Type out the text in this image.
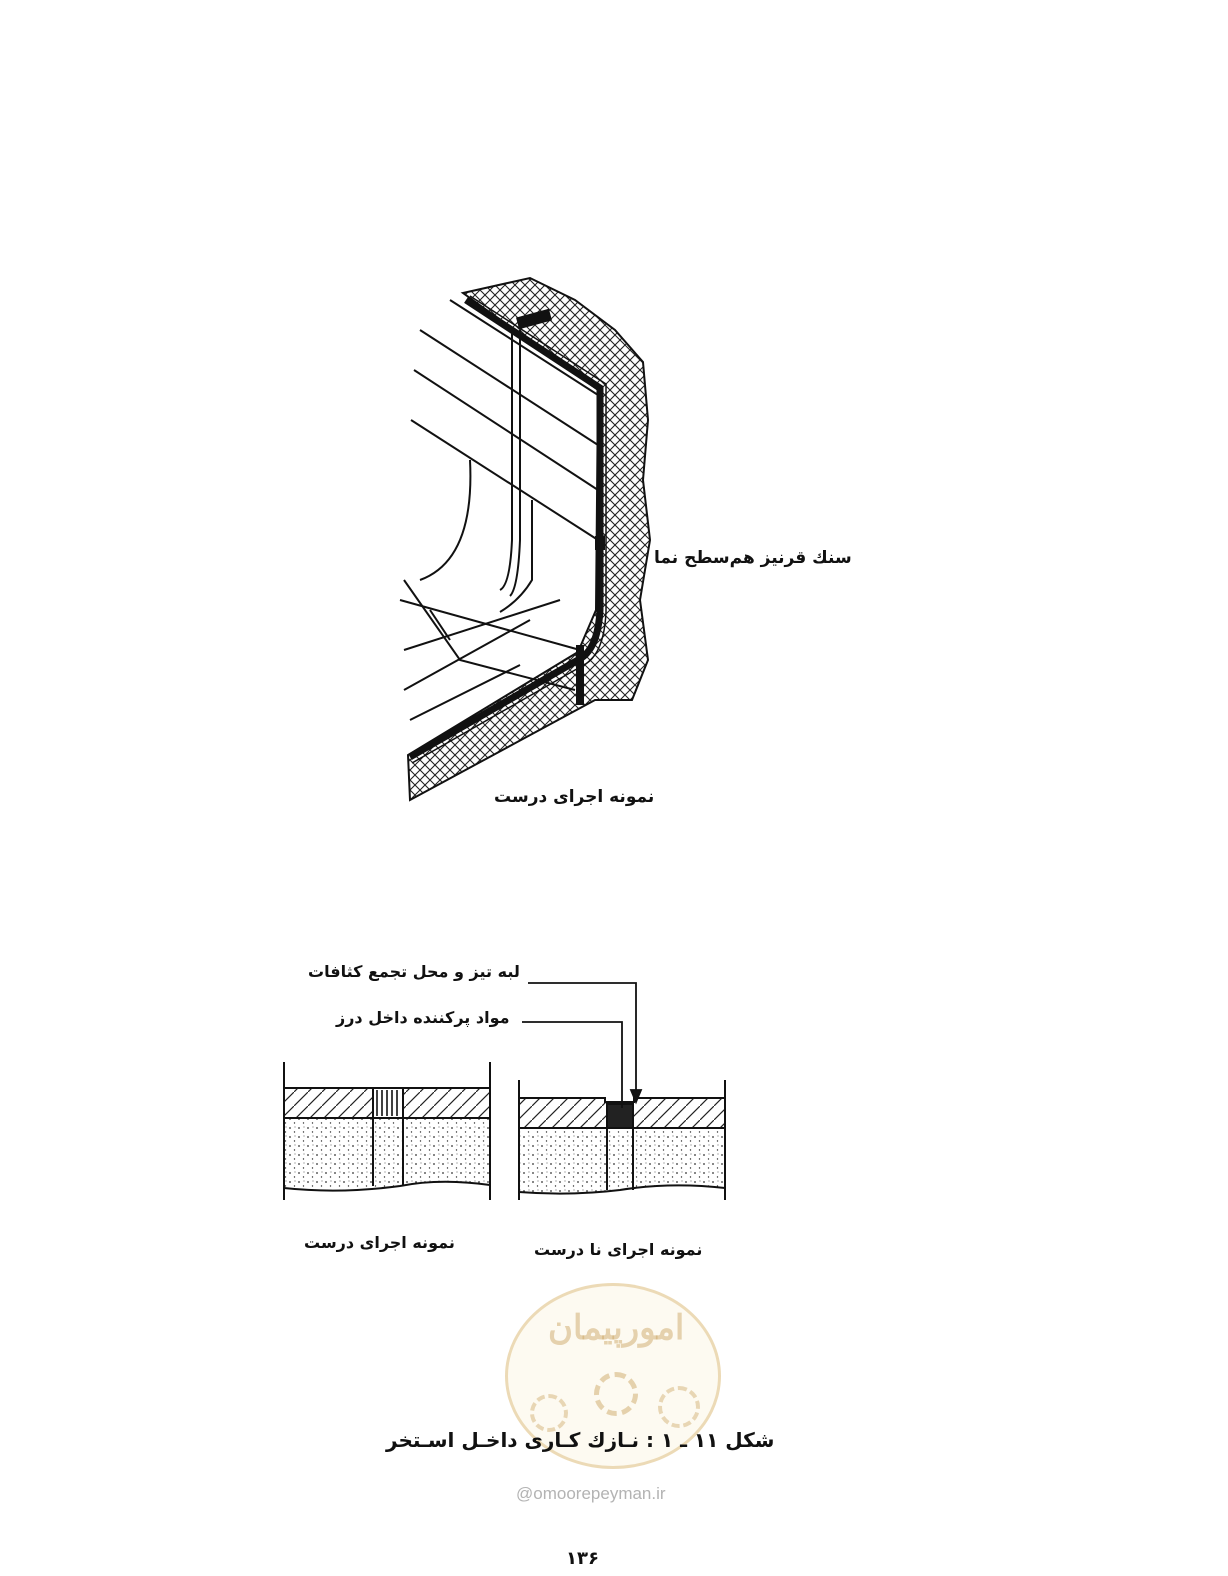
سنك قرنيز هم‌سطح نما
نمونه اجرای درست
لبه تيز و محل تجمع كثافات
مواد پركننده داخل درز
نمونه اجرای درست	نمونه اجرای نا درست
امورپیمان
شكل ۱۱ ـ ۱ : نـازك كـاری داخـل اسـتخر
@omoorepeyman.ir
۱۳۶
